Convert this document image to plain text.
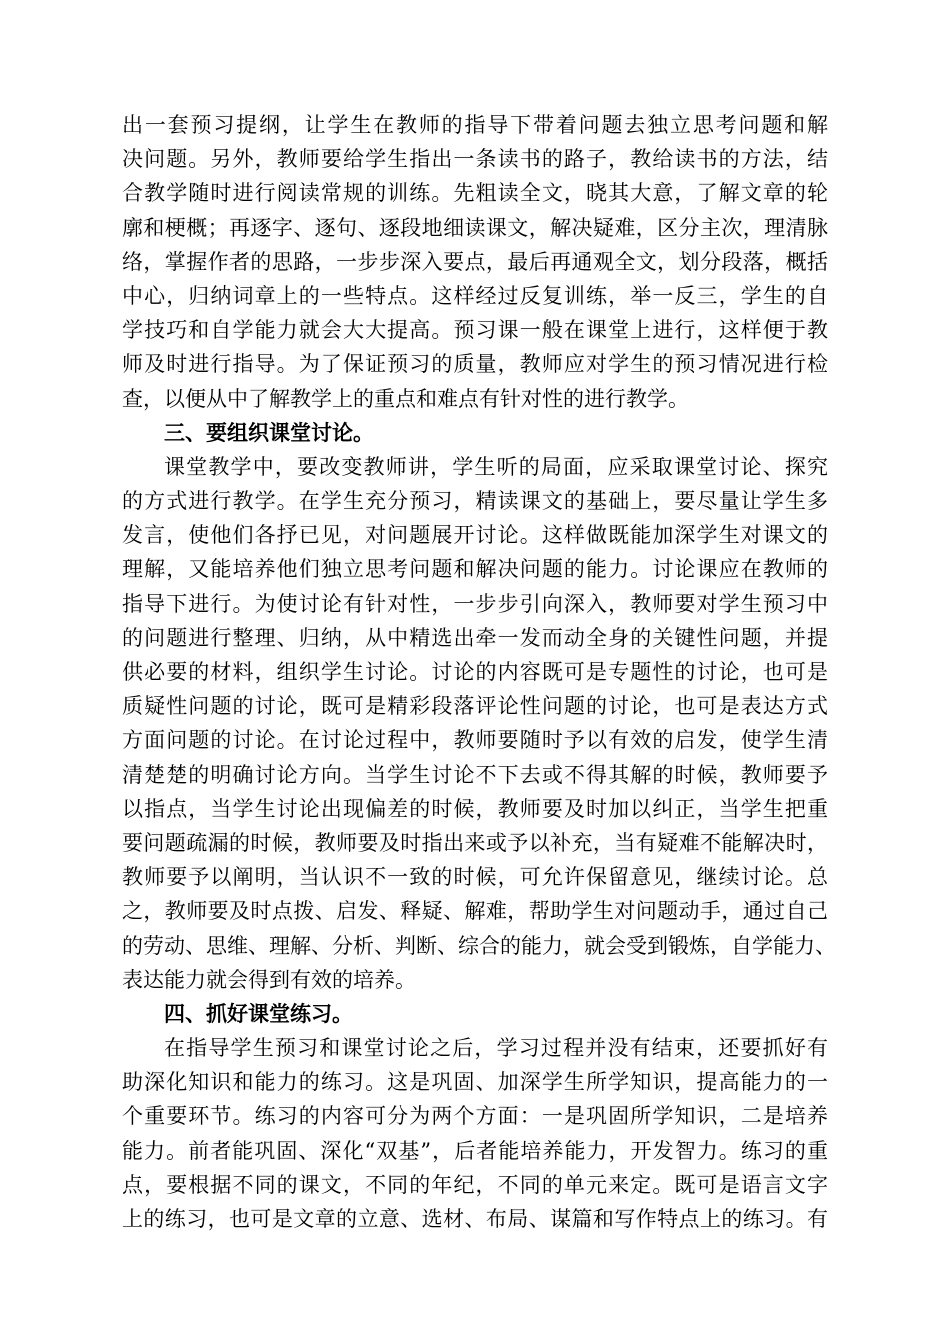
出一套预习提纲，让学生在教师的指导下带着问题去独立思考问题和解
决问题。另外，教师要给学生指出一条读书的路子，教给读书的方法，结
合教学随时进行阅读常规的训练。先粗读全文，晓其大意，了解文章的轮
廓和梗概；再逐字、逐句、逐段地细读课文，解决疑难，区分主次，理清脉
络，掌握作者的思路，一步步深入要点，最后再通观全文，划分段落，概括
中心，归纳词章上的一些特点。这样经过反复训练，举一反三，学生的自
学技巧和自学能力就会大大提高。预习课一般在课堂上进行，这样便于教
师及时进行指导。为了保证预习的质量，教师应对学生的预习情况进行检
查，以便从中了解教学上的重点和难点有针对性的进行教学。
三、要组织课堂讨论。
课堂教学中，要改变教师讲，学生听的局面，应采取课堂讨论、探究
的方式进行教学。在学生充分预习，精读课文的基础上，要尽量让学生多
发言，使他们各抒已见，对问题展开讨论。这样做既能加深学生对课文的
理解，又能培养他们独立思考问题和解决问题的能力。讨论课应在教师的
指导下进行。为使讨论有针对性，一步步引向深入，教师要对学生预习中
的问题进行整理、归纳，从中精选出牵一发而动全身的关键性问题，并提
供必要的材料，组织学生讨论。讨论的内容既可是专题性的讨论，也可是
质疑性问题的讨论，既可是精彩段落评论性问题的讨论，也可是表达方式
方面问题的讨论。在讨论过程中，教师要随时予以有效的启发，使学生清
清楚楚的明确讨论方向。当学生讨论不下去或不得其解的时候，教师要予
以指点，当学生讨论出现偏差的时候，教师要及时加以纠正，当学生把重
要问题疏漏的时候，教师要及时指出来或予以补充，当有疑难不能解决时，
教师要予以阐明，当认识不一致的时候，可允许保留意见，继续讨论。总
之，教师要及时点拨、启发、释疑、解难，帮助学生对问题动手，通过自己
的劳动、思维、理解、分析、判断、综合的能力，就会受到锻炼，自学能力、
表达能力就会得到有效的培养。
四、抓好课堂练习。
在指导学生预习和课堂讨论之后，学习过程并没有结束，还要抓好有
助深化知识和能力的练习。这是巩固、加深学生所学知识，提高能力的一
个重要环节。练习的内容可分为两个方面：一是巩固所学知识，二是培养
能力。前者能巩固、深化“双基”，后者能培养能力，开发智力。练习的重
点，要根据不同的课文，不同的年纪，不同的单元来定。既可是语言文字
上的练习，也可是文章的立意、选材、布局、谋篇和写作特点上的练习。有
